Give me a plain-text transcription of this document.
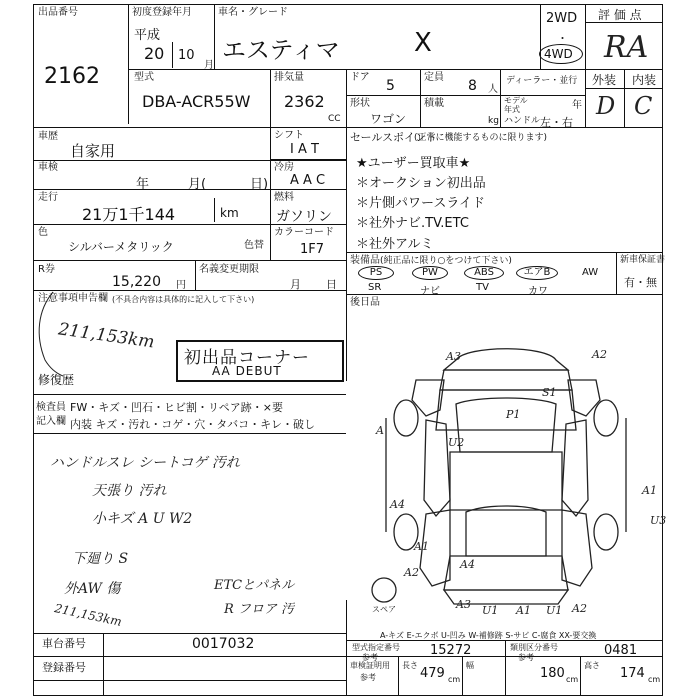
出品番号
2162
初度登録年月
平成
20 10
月
車名・グレード
エスティマ	X
2WD
・
4WD
評 価 点
RA
外装 内装
D C
型式
DBA-ACR55W
排気量
2362
CC
ドア
5
定員
8 人
ディーラー・並行
形状
ワゴン
積載
kg
モデル 年式	年
ハンドル 左・右
車歴
自家用
シフト
I A T
車検
年	月(	日)
冷房
A A C
走行
21万1千144	km
燃料
ガソリン
色
シルバーメタリック	色替
カラーコード
1F7
R券
15,220 円
名義変更期限
月 日
注意事項申告欄 (不具合内容は具体的に記入して下さい)
211,153km
初出品コーナー
AA DEBUT
修復歴
セールスポイント
(正常に機能するものに限ります)
★ユーザー買取車★
＊オークション初出品
＊片側パワースライド
＊社外ナビ.TV.ETC
＊社外アルミ
装備品 (純正品に限り○をつけて下さい)	新車保証書
有・無
PS	PW	ABS	エアB	AW
SR	ナビ	TV	カワ
後日品
検査員
記入欄
FW・キズ・凹石・ヒビ割・リペア跡・×要
内装 キズ・汚れ・コゲ・穴・タバコ・キレ・破し
ハンドルスレ シートコゲ 汚れ
天張り 汚れ
小キズ A U W2
下廻り S
外AW 傷	ETCとパネル
R フロア 汚
211,153km
A3	A2
S1
P1
A
U2
A4
A1
U3
A1
A2
A4
A3 U1 A1 U1 A2
スペア
A-キズ E-エクボ U-凹み W-補修跡 S-サビ C-腐食 XX-要交換
車台番号	0017032
登録番号
型式指定番号
参考	15272	類別区分番号
参考	0481
車検証明用
参考
長さ
479 cm
幅
180 cm
高さ
174 cm
